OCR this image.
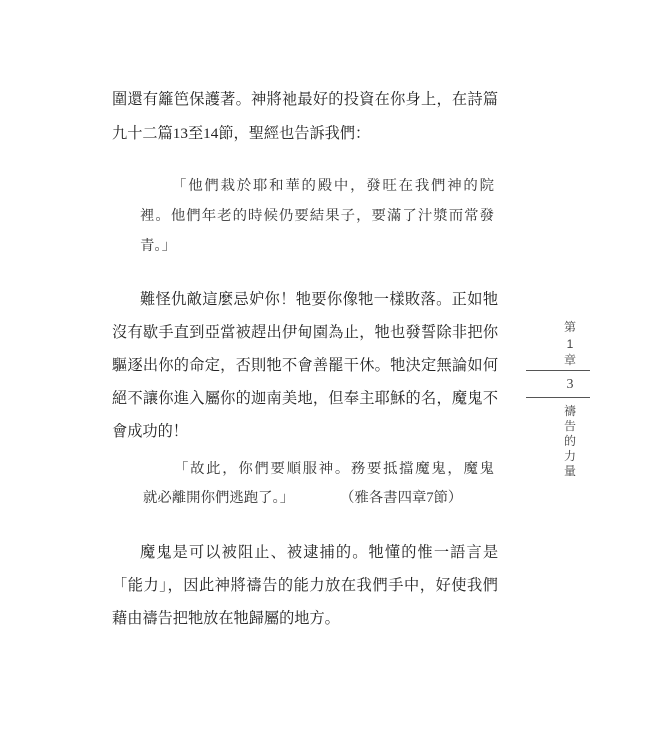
圍還有籬笆保護著。神將祂最好的投資在你身上，在詩篇
九十二篇13至14節，聖經也告訴我們：
「他們栽於耶和華的殿中，發旺在我們神的院
裡。他們年老的時候仍要結果子，要滿了汁漿而常發
青。」
難怪仇敵這麼忌妒你！牠要你像牠一樣敗落。正如牠
沒有歇手直到亞當被趕出伊甸園為止，牠也發誓除非把你
驅逐出你的命定，否則牠不會善罷干休。牠決定無論如何
絕不讓你進入屬你的迦南美地，但奉主耶穌的名，魔鬼不
會成功的！
「故此，你們要順服神。務要抵擋魔鬼，魔鬼
就必離開你們逃跑了。」	（雅各書四章7節）
魔鬼是可以被阻止、被逮捕的。牠懂的惟一語言是
「能力」，因此神將禱告的能力放在我們手中，好使我們
藉由禱告把牠放在牠歸屬的地方。
第
1
章
3
禱
告
的
力
量
